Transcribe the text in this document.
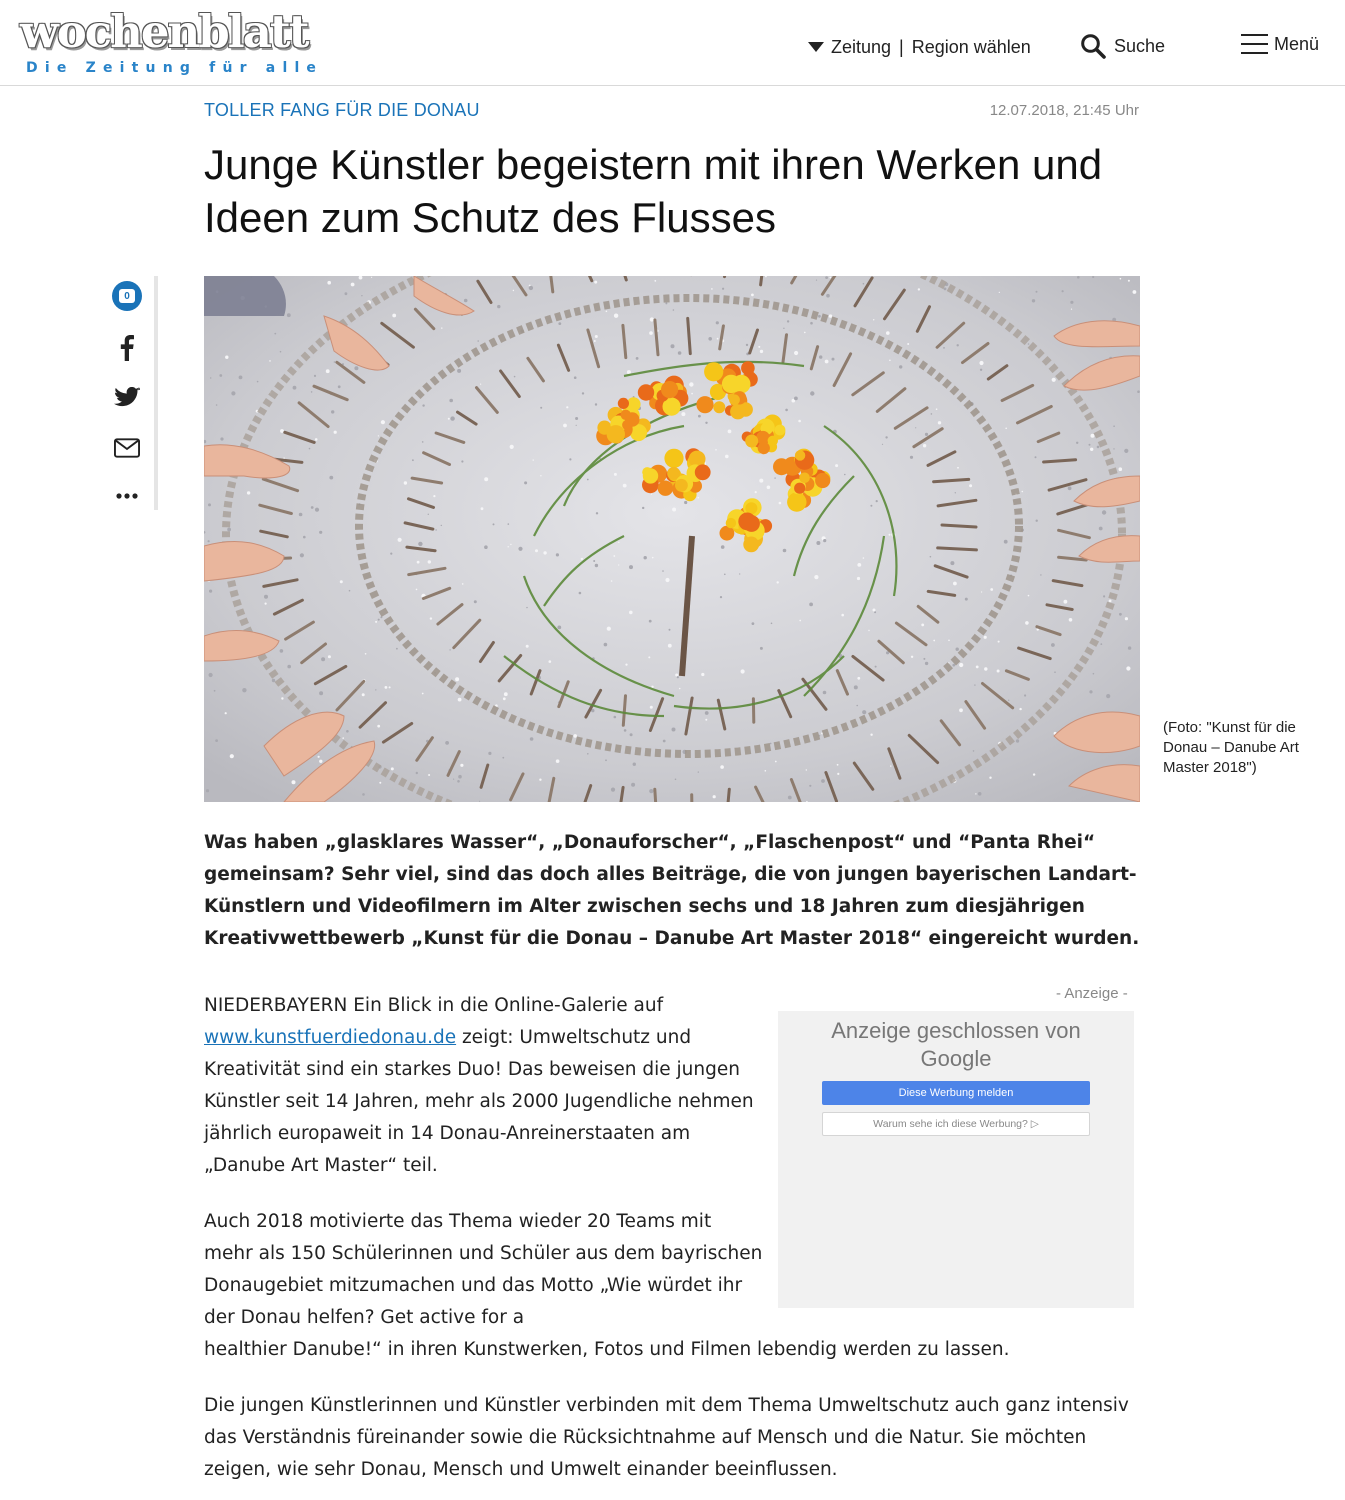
wochenblatt
Die Zeitung für alle
Zeitung | Region wählen	Suche	Menü
TOLLER FANG FÜR DIE DONAU	12.07.2018, 21:45 Uhr
Junge Künstler begeistern mit ihren Werken und Ideen zum Schutz des Flusses
0
(Foto: "Kunst für die Donau – Danube Art Master 2018")

Was haben „glasklares Wasser“, „Donauforscher“, „Flaschenpost“ und “Panta Rhei“ gemeinsam? Sehr viel, sind das doch alles Beiträge, die von jungen bayerischen Landart-Künstlern und Videofilmern im Alter zwischen sechs und 18 Jahren zum diesjährigen Kreativwettbewerb „Kunst für die Donau – Danube Art Master 2018“ eingereicht wurden.

- Anzeige -
Anzeige geschlossen von
Google
Diese Werbung melden
Warum sehe ich diese Werbung? ▷

NIEDERBAYERN Ein Blick in die Online-Galerie auf www.kunstfuerdiedonau.de zeigt: Umweltschutz und Kreativität sind ein starkes Duo! Das beweisen die jungen Künstler seit 14 Jahren, mehr als 2000 Jugendliche nehmen jährlich europaweit in 14 Donau-Anreinerstaaten am „Danube Art Master“ teil.

Auch 2018 motivierte das Thema wieder 20 Teams mit mehr als 150 Schülerinnen und Schüler aus dem bayrischen Donaugebiet mitzumachen und das Motto „Wie würdet ihr der Donau helfen? Get active for a
healthier Danube!“ in ihren Kunstwerken, Fotos und Filmen lebendig werden zu lassen.

Die jungen Künstlerinnen und Künstler verbinden mit dem Thema Umweltschutz auch ganz intensiv das Verständnis füreinander sowie die Rücksichtnahme auf Mensch und die Natur. Sie möchten zeigen, wie sehr Donau, Mensch und Umwelt einander beeinflussen.
